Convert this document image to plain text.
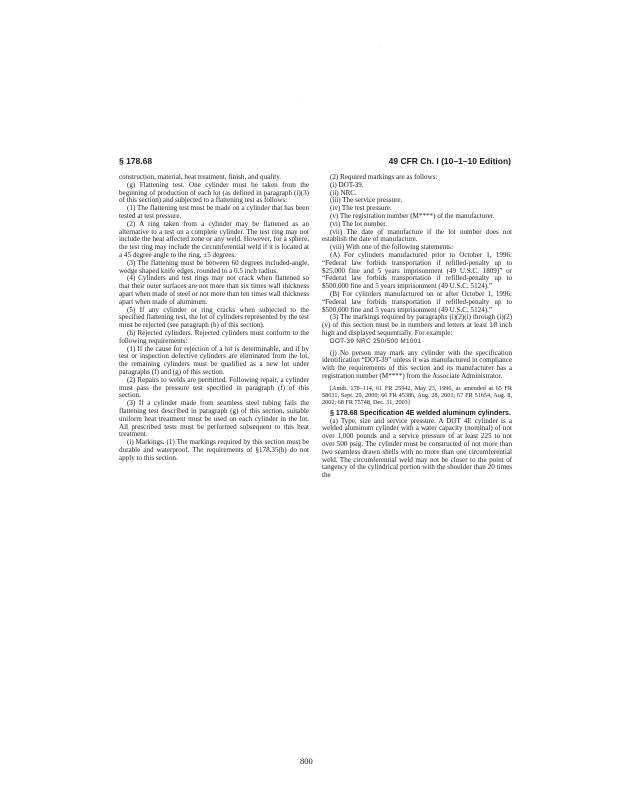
·
·
§ 178.68	49 CFR Ch. I (10–1–10 Edition)

construction, material, heat treatment, finish, and quality.

(g) Flattening test. One cylinder must be taken from the beginning of production of each lot (as defined in paragraph (i)(3) of this section) and subjected to a flattening test as follows:

(1) The flattening test must be made on a cylinder that has been tested at test pressure.

(2) A ring taken from a cylinder may be flattened as an alternative to a test on a complete cylinder. The test ring may not include the heat affected zone or any weld. However, for a sphere, the test ring may include the circumferential weld if it is located at a 45 degree angle to the ring, ±5 degrees.

(3) The flattening must be between 60 degrees included-angle, wedge shaped knife edges, rounded to a 0.5 inch radius.

(4) Cylinders and test rings may not crack when flattened so that their outer surfaces are not more than six times wall thickness apart when made of steel or not more than ten times wall thickness apart when made of aluminum.

(5) If any cylinder or ring cracks when subjected to the specified flattening test, the lot of cylinders represented by the test must be rejected (see paragraph (h) of this section).

(h) Rejected cylinders. Rejected cylinders must conform to the following requirements:

(1) If the cause for rejection of a lot is determinable, and if by test or inspection defective cylinders are eliminated from the lot, the remaining cylinders must be qualified as a new lot under paragraphs (f) and (g) of this section.

(2) Repairs to welds are permitted. Following repair, a cylinder must pass the pressure test specified in paragraph (f) of this section.

(3) If a cylinder made from seamless steel tubing fails the flattening test described in paragraph (g) of this section, suitable uniform heat treatment must be used on each cylinder in the lot. All prescribed tests must be performed subsequent to this heat treatment.

(i) Markings. (1) The markings required by this section must be durable and waterproof. The requirements of §178.35(h) do not apply to this section.

(2) Required markings are as follows:

(i) DOT-39.

(ii) NRC.

(iii) The service pressure.

(iv) The test pressure.

(v) The registration number (M****) of the manufacturer.

(vi) The lot number.

(vii) The date of manufacture if the lot number does not establish the date of manufacture.

(viii) With one of the following statements:

(A) For cylinders manufactured prior to October 1, 1996: “Federal law forbids transportation if refilled-penalty up to $25,000 fine and 5 years imprisonment (49 U.S.C. 1809)” or “Federal law forbids transportation if refilled-penalty up to $500,000 fine and 5 years imprisonment (49 U.S.C. 5124).”

(B) For cylinders manufactured on or after October 1, 1996: “Federal law forbids transportation if refilled-penalty up to $500,000 fine and 5 years imprisonment (49 U.S.C. 5124).”

(3) The markings required by paragraphs (i)(2)(i) through (i)(2)(v) of this section must be in numbers and letters at least 1⁄8 inch high and displayed sequentially. For example:

DOT-39 NRC 250/500 M1001

(j) No person may mark any cylinder with the specification identification “DOT-39” unless it was manufactured in compliance with the requirements of this section and its manufacturer has a registration number (M****) from the Associate Administrator.

[Amdt. 178–114, 61 FR 25942, May 23, 1996, as amended at 65 FR 58631, Sept. 29, 2000; 66 FR 45386, Aug. 28, 2001; 67 FR 51654, Aug. 8, 2002; 68 FR 75748, Dec. 31, 2003]

§ 178.68 Specification 4E welded aluminum cylinders.

(a) Type, size and service pressure. A DOT 4E cylinder is a welded aluminum cylinder with a water capacity (nominal) of not over 1,000 pounds and a service pressure of at least 225 to not over 500 psig. The cylinder must be constructed of not more than two seamless drawn shells with no more than one circumferential weld. The circumferential weld may not be closer to the point of tangency of the cylindrical portion with the shoulder than 20 times the

800
